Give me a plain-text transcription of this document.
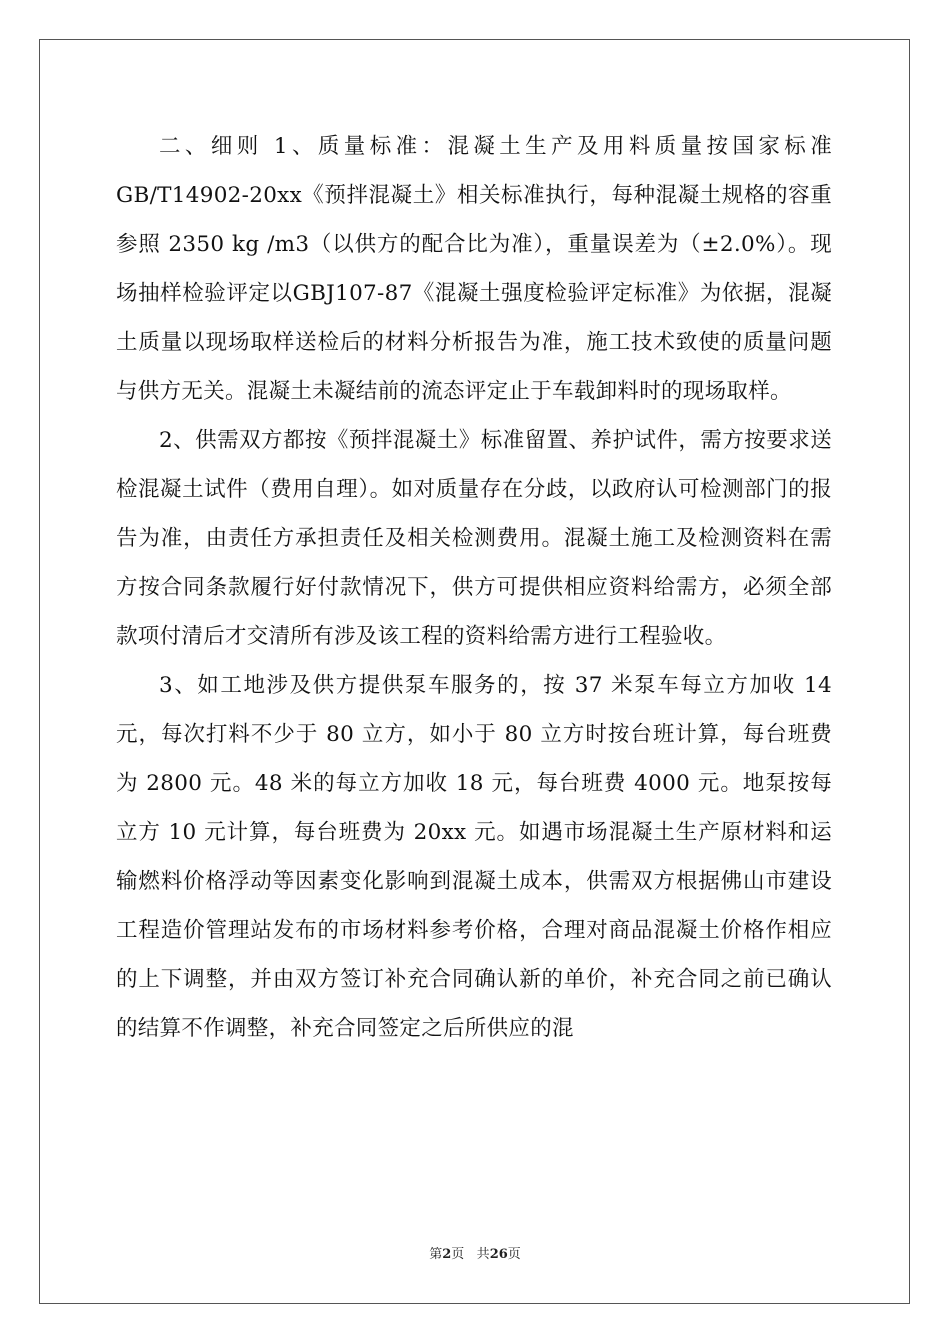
二、细则 1、质量标准：混凝土生产及用料质量按国家标准GB/T14902-20xx《预拌混凝土》相关标准执行，每种混凝土规格的容重参照 2350 kg /m3（以供方的配合比为准），重量误差为（±2.0%）。现场抽样检验评定以GBJ107-87《混凝土强度检验评定标准》为依据，混凝土质量以现场取样送检后的材料分析报告为准，施工技术致使的质量问题与供方无关。混凝土未凝结前的流态评定止于车载卸料时的现场取样。

2、供需双方都按《预拌混凝土》标准留置、养护试件，需方按要求送检混凝土试件（费用自理）。如对质量存在分歧，以政府认可检测部门的报告为准，由责任方承担责任及相关检测费用。混凝土施工及检测资料在需方按合同条款履行好付款情况下，供方可提供相应资料给需方，必须全部款项付清后才交清所有涉及该工程的资料给需方进行工程验收。

3、如工地涉及供方提供泵车服务的，按 37 米泵车每立方加收 14 元，每次打料不少于 80 立方，如小于 80 立方时按台班计算，每台班费为 2800 元。48 米的每立方加收 18 元，每台班费 4000 元。地泵按每立方 10 元计算，每台班费为 20xx 元。如遇市场混凝土生产原材料和运输燃料价格浮动等因素变化影响到混凝土成本，供需双方根据佛山市建设工程造价管理站发布的市场材料参考价格，合理对商品混凝土价格作相应的上下调整，并由双方签订补充合同确认新的单价，补充合同之前已确认的结算不作调整，补充合同签定之后所供应的混

第2页 共26页
